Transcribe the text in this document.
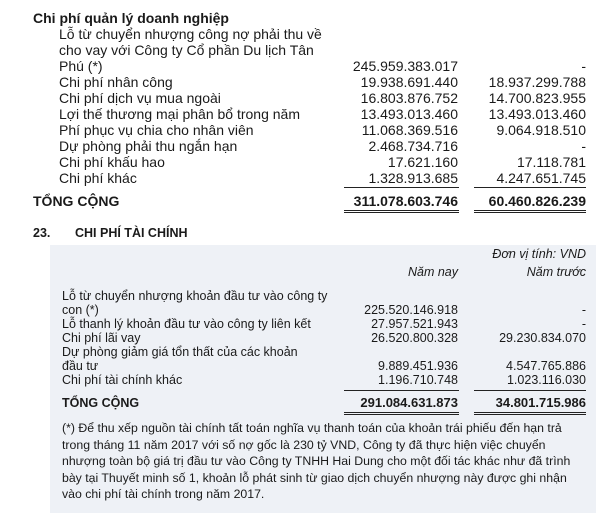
Chi phí quản lý doanh nghiệp
Lỗ từ chuyển nhượng công nợ phải thu về
cho vay với Công ty Cổ phần Du lịch Tân
Phú (*)	245.959.383.017	-
Chi phí nhân công	19.938.691.440 18.937.299.788
Chi phí dịch vụ mua ngoài	16.803.876.752 14.700.823.955
Lợi thế thương mại phân bổ trong năm	13.493.013.460 13.493.013.460
Phí phục vụ chia cho nhân viên	11.068.369.516	9.064.918.510
Dự phòng phải thu ngắn hạn	2.468.734.716	-
Chi phí khấu hao	17.621.160	17.118.781
Chi phí khác	1.328.913.685	4.247.651.745
TỔNG CỘNG	311.078.603.746 60.460.826.239
23. CHI PHÍ TÀI CHÍNH
Đơn vị tính: VND
Năm nay	Năm trước
Lỗ từ chuyển nhượng khoản đầu tư vào công ty
con (*)	225.520.146.918	-
Lỗ thanh lý khoản đầu tư vào công ty liên kết	27.957.521.943	-
Chi phí lãi vay	26.520.800.328	29.230.834.070
Dự phòng giảm giá tổn thất của các khoản
đầu tư	9.889.451.936	4.547.765.886
Chi phí tài chính khác	1.196.710.748	1.023.116.030
TỔNG CỘNG	291.084.631.873	34.801.715.986
(*) Để thu xếp nguồn tài chính tất toán nghĩa vụ thanh toán của khoản trái phiếu đến hạn trả trong tháng 11 năm 2017 với số nợ gốc là 230 tỷ VND, Công ty đã thực hiện việc chuyển nhượng toàn bộ giá trị đầu tư vào Công ty TNHH Hai Dung cho một đối tác khác như đã trình bày tại Thuyết minh số 1, khoản lỗ phát sinh từ giao dịch chuyển nhượng này được ghi nhận vào chi phí tài chính trong năm 2017.
